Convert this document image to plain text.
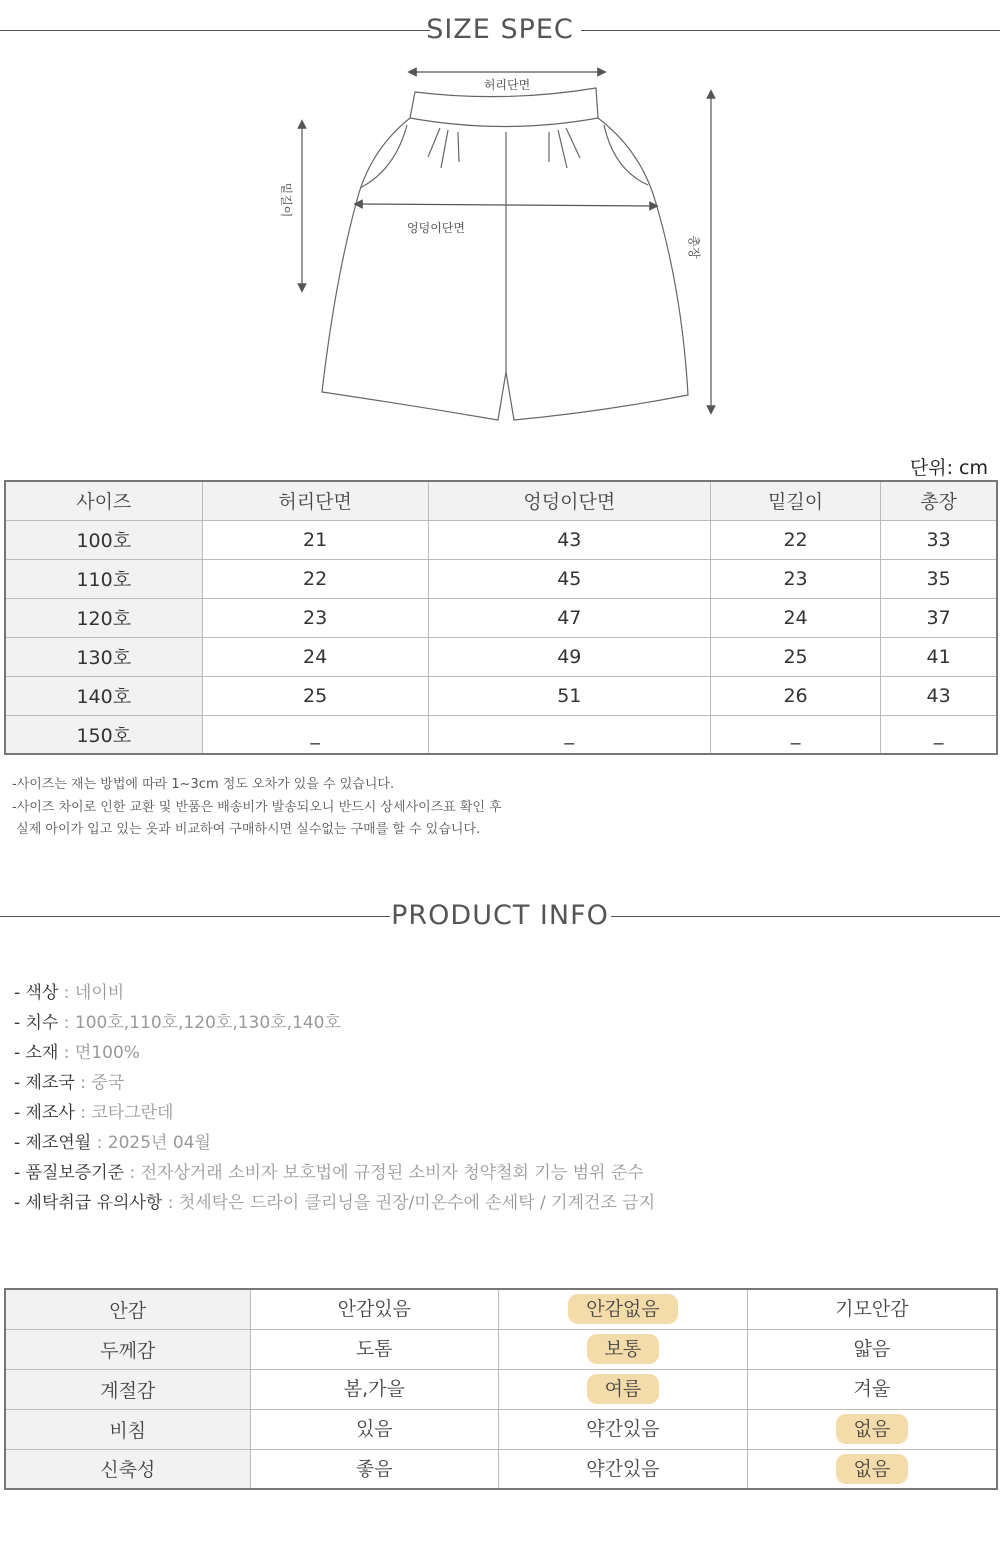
SIZE SPEC
허리단면
엉덩이단면
밑길이
총장
단위: cm
사이즈	허리단면	엉덩이단면	밑길이	총장
100호	21	43	22	33
110호	22	45	23	35
120호	23	47	24	37
130호	24	49	25	41
140호	25	51	26	43
150호	_	_	_	_
-사이즈는 재는 방법에 따라 1~3cm 정도 오차가 있을 수 있습니다.
-사이즈 차이로 인한 교환 및 반품은 배송비가 발송되오니 반드시 상세사이즈표 확인 후
실제 아이가 입고 있는 옷과 비교하여 구매하시면 실수없는 구매를 할 수 있습니다.
PRODUCT INFO
- 색상 : 네이비
- 치수 : 100호,110호,120호,130호,140호
- 소재 : 면100%
- 제조국 : 중국
- 제조사 : 코타그란데
- 제조연월 : 2025년 04월
- 품질보증기준 : 전자상거래 소비자 보호법에 규정된 소비자 청약철회 기능 범위 준수
- 세탁취급 유의사항 : 첫세탁은 드라이 클리닝을 권장/미온수에 손세탁 / 기계건조 금지
안감	안감있음	안감없음	기모안감
두께감	도톰	보통	얇음
계절감	봄,가을	여름	겨울
비침	있음	약간있음	없음
신축성	좋음	약간있음	없음
